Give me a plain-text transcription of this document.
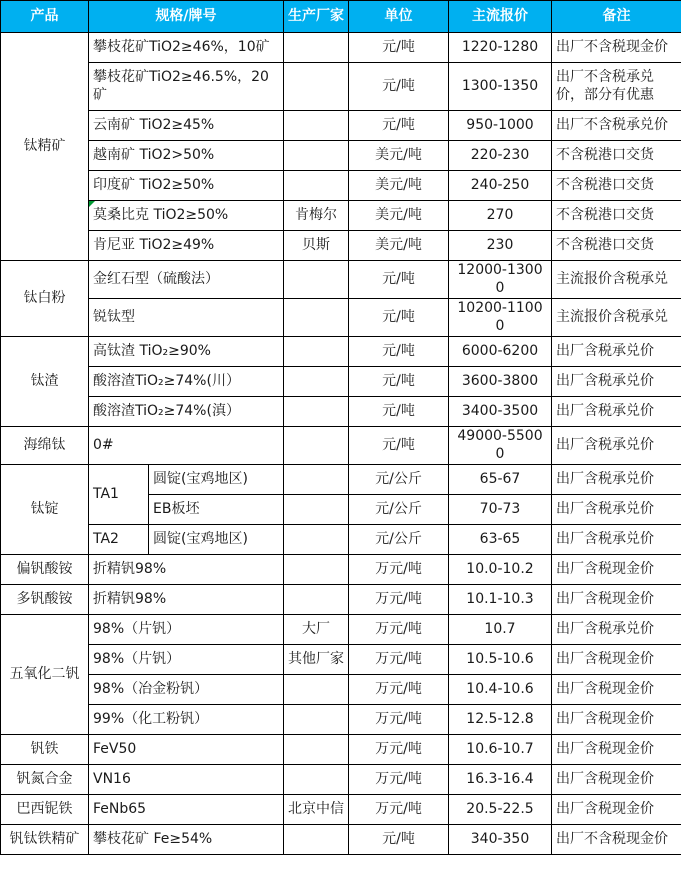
产品	规格/牌号		生产厂家	单位	主流报价	备注
钛精矿	攀枝花矿TiO2≥46%，10矿			元/吨	1220-1280	出厂不含税现金价
	攀枝花矿TiO2≥46.5%，20矿			元/吨	1300-1350	出厂不含税承兑价，部分有优惠
	云南矿 TiO2≥45%			元/吨	950-1000	出厂不含税承兑价
	越南矿 TiO2>50%			美元/吨	220-230	不含税港口交货
	印度矿 TiO2≥50%			美元/吨	240-250	不含税港口交货
	莫桑比克 TiO2≥50%		肯梅尔	美元/吨	270	不含税港口交货
	肯尼亚 TiO2≥49%		贝斯	美元/吨	230	不含税港口交货
钛白粉	金红石型（硫酸法）			元/吨	12000-13000	主流报价含税承兑
	锐钛型			元/吨	10200-11000	主流报价含税承兑
钛渣	高钛渣 TiO₂≥90%			元/吨	6000-6200	出厂含税承兑价
	酸溶渣TiO₂≥74%(川）			元/吨	3600-3800	出厂含税承兑价
	酸溶渣TiO₂≥74%(滇）			元/吨	3400-3500	出厂含税承兑价
海绵钛	0#			元/吨	49000-55000	出厂含税承兑价
钛锭	TA1	圆锭(宝鸡地区)		元/公斤	65-67	出厂含税承兑价
		EB板坯		元/公斤	70-73	出厂含税承兑价
	TA2	圆锭(宝鸡地区)		元/公斤	63-65	出厂含税承兑价
偏钒酸铵	折精钒98%			万元/吨	10.0-10.2	出厂含税现金价
多钒酸铵	折精钒98%			万元/吨	10.1-10.3	出厂含税现金价
五氧化二钒	98%（片钒）		大厂	万元/吨	10.7	出厂含税承兑价
	98%（片钒）		其他厂家	万元/吨	10.5-10.6	出厂含税现金价
	98%（冶金粉钒）			万元/吨	10.4-10.6	出厂含税现金价
	99%（化工粉钒）			万元/吨	12.5-12.8	出厂含税现金价
钒铁	FeV50			万元/吨	10.6-10.7	出厂含税现金价
钒氮合金	VN16			万元/吨	16.3-16.4	出厂含税现金价
巴西铌铁	FeNb65		北京中信	万元/吨	20.5-22.5	出厂含税现金价
钒钛铁精矿	攀枝花矿 Fe≥54%			元/吨	340-350	出厂不含税现金价
